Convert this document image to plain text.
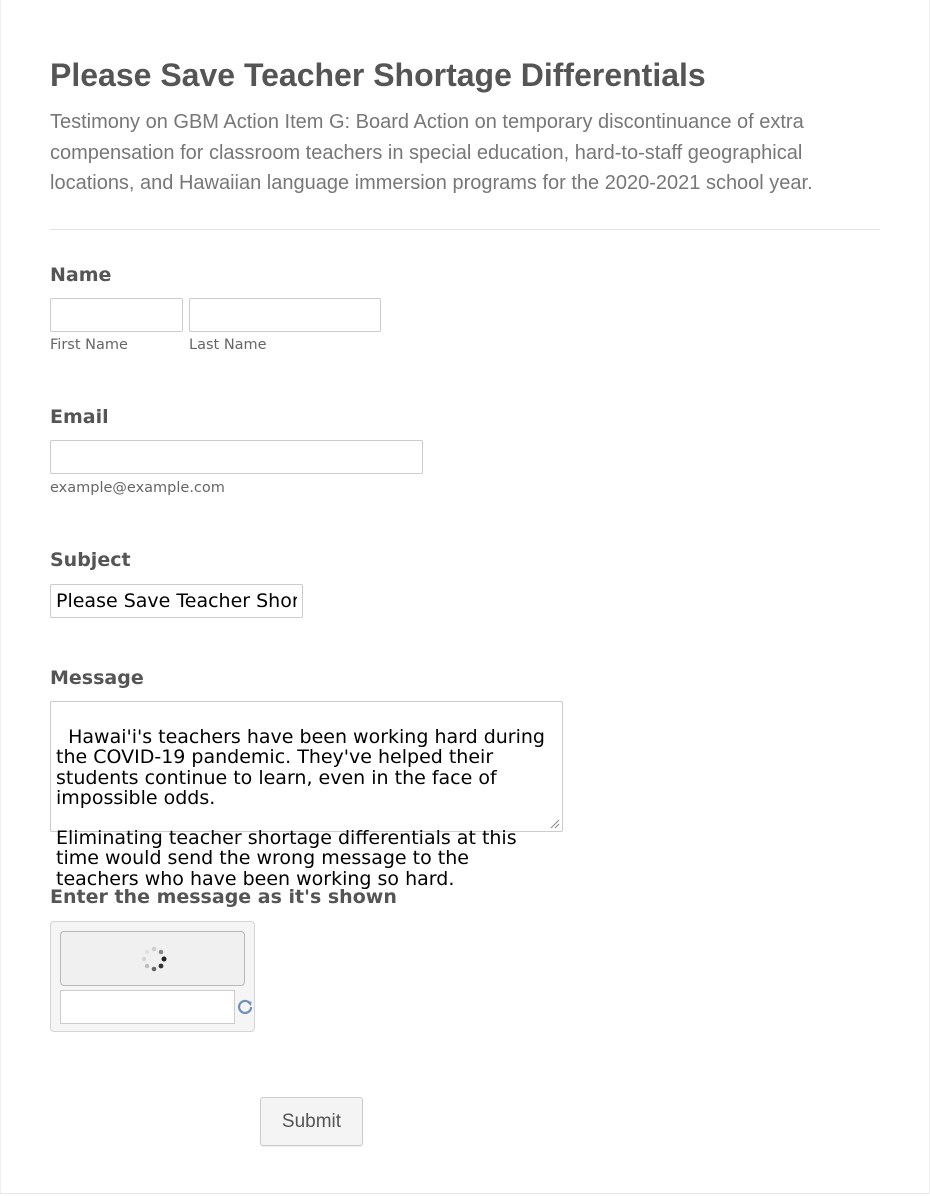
Please Save Teacher Shortage Differentials
Testimony on GBM Action Item G: Board Action on temporary discontinuance of extra compensation for classroom teachers in special education, hard-to-staff geographical locations, and Hawaiian language immersion programs for the 2020-2021 school year.
Name
First Name	Last Name
Email
example@example.com
Subject
Please Save Teacher Shortage Differentials
Message

Hawai'i's teachers have been working hard during the COVID-19 pandemic. They've helped their students continue to learn, even in the face of impossible odds.

Eliminating teacher shortage differentials at this time would send the wrong message to the teachers who have been working so hard.

Enter the message as it's shown
Submit
